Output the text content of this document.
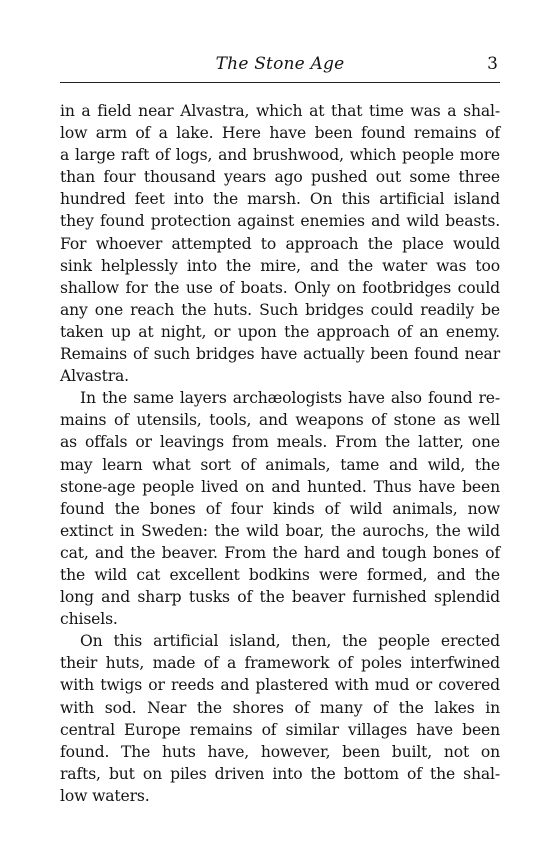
The Stone Age	3
in a field near Alvastra, which at that time was a shal-
low arm of a lake. Here have been found remains of
a large raft of logs, and brushwood, which people more
than four thousand years ago pushed out some three
hundred feet into the marsh. On this artificial island
they found protection against enemies and wild beasts.
For whoever attempted to approach the place would
sink helplessly into the mire, and the water was too
shallow for the use of boats. Only on footbridges could
any one reach the huts. Such bridges could readily be
taken up at night, or upon the approach of an enemy.
Remains of such bridges have actually been found near
Alvastra.
In the same layers archæologists have also found re-
mains of utensils, tools, and weapons of stone as well
as offals or leavings from meals. From the latter, one
may learn what sort of animals, tame and wild, the
stone-age people lived on and hunted. Thus have been
found the bones of four kinds of wild animals, now
extinct in Sweden: the wild boar, the aurochs, the wild
cat, and the beaver. From the hard and tough bones of
the wild cat excellent bodkins were formed, and the
long and sharp tusks of the beaver furnished splendid
chisels.
On this artificial island, then, the people erected
their huts, made of a framework of poles interfwined
with twigs or reeds and plastered with mud or covered
with sod. Near the shores of many of the lakes in
central Europe remains of similar villages have been
found. The huts have, however, been built, not on
rafts, but on piles driven into the bottom of the shal-
low waters.
